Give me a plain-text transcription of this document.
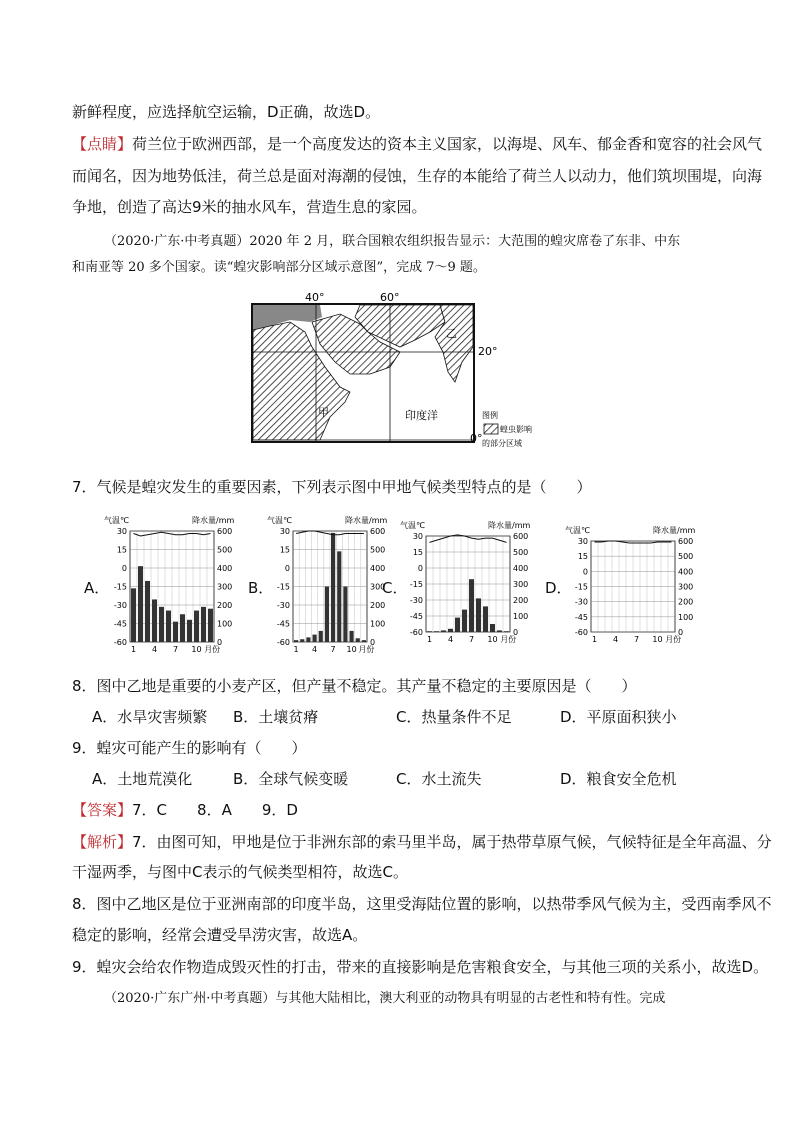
新鲜程度，应选择航空运输，D正确，故选D。
【点睛】荷兰位于欧洲西部，是一个高度发达的资本主义国家，以海堤、风车、郁金香和宽容的社会风气
而闻名，因为地势低洼，荷兰总是面对海潮的侵蚀，生存的本能给了荷兰人以动力，他们筑坝围堤，向海
争地，创造了高达9米的抽水风车，营造生息的家园。
（2020·广东·中考真题）2020 年 2 月，联合国粮农组织报告显示：大范围的蝗灾席卷了东非、中东
和南亚等 20 多个国家。读“蝗灾影响部分区域示意图”，完成 7～9 题。
40°	60°
20°
0°
甲
乙
印度洋	图例
蝗虫影响
的部分区域
7．气候是蝗灾发生的重要因素，下列表示图中甲地气候类型特点的是（　　）
A．	B．	C．	D．
气温℃	降水量/mm
30
15
0
-15
-30
-45
-60
600
500
400
300
200
100
0
1 4 7 10 月份
气温℃	降水量/mm
30
15
0
-15
-30
-45
-60
600
500
400
300
200
100
0
1 4 7 10 月份
气温℃	降水量/mm
30
15
0
-15
-30
-45
-60
600
500
400
300
200
100
0
1 4 7 10 月份
气温℃	降水量/mm
30
15
0
-15
-30
-45
-60
600
500
400
300
200
100
0
1 4 7 10 月份
8．图中乙地是重要的小麦产区，但产量不稳定。其产量不稳定的主要原因是（　　）
A．水旱灾害频繁 B．土壤贫瘠	C．热量条件不足	D．平原面积狭小
9．蝗灾可能产生的影响有（　　）
A．土地荒漠化	B．全球气候变暖	C．水土流失	D．粮食安全危机
【答案】7．C　　8．A　　9．D
【解析】7．由图可知，甲地是位于非洲东部的索马里半岛，属于热带草原气候，气候特征是全年高温、分
干湿两季，与图中C表示的气候类型相符，故选C。
8．图中乙地区是位于亚洲南部的印度半岛，这里受海陆位置的影响，以热带季风气候为主，受西南季风不
稳定的影响，经常会遭受旱涝灾害，故选A。
9．蝗灾会给农作物造成毁灭性的打击，带来的直接影响是危害粮食安全，与其他三项的关系小，故选D。
（2020·广东广州·中考真题）与其他大陆相比，澳大利亚的动物具有明显的古老性和特有性。完成
